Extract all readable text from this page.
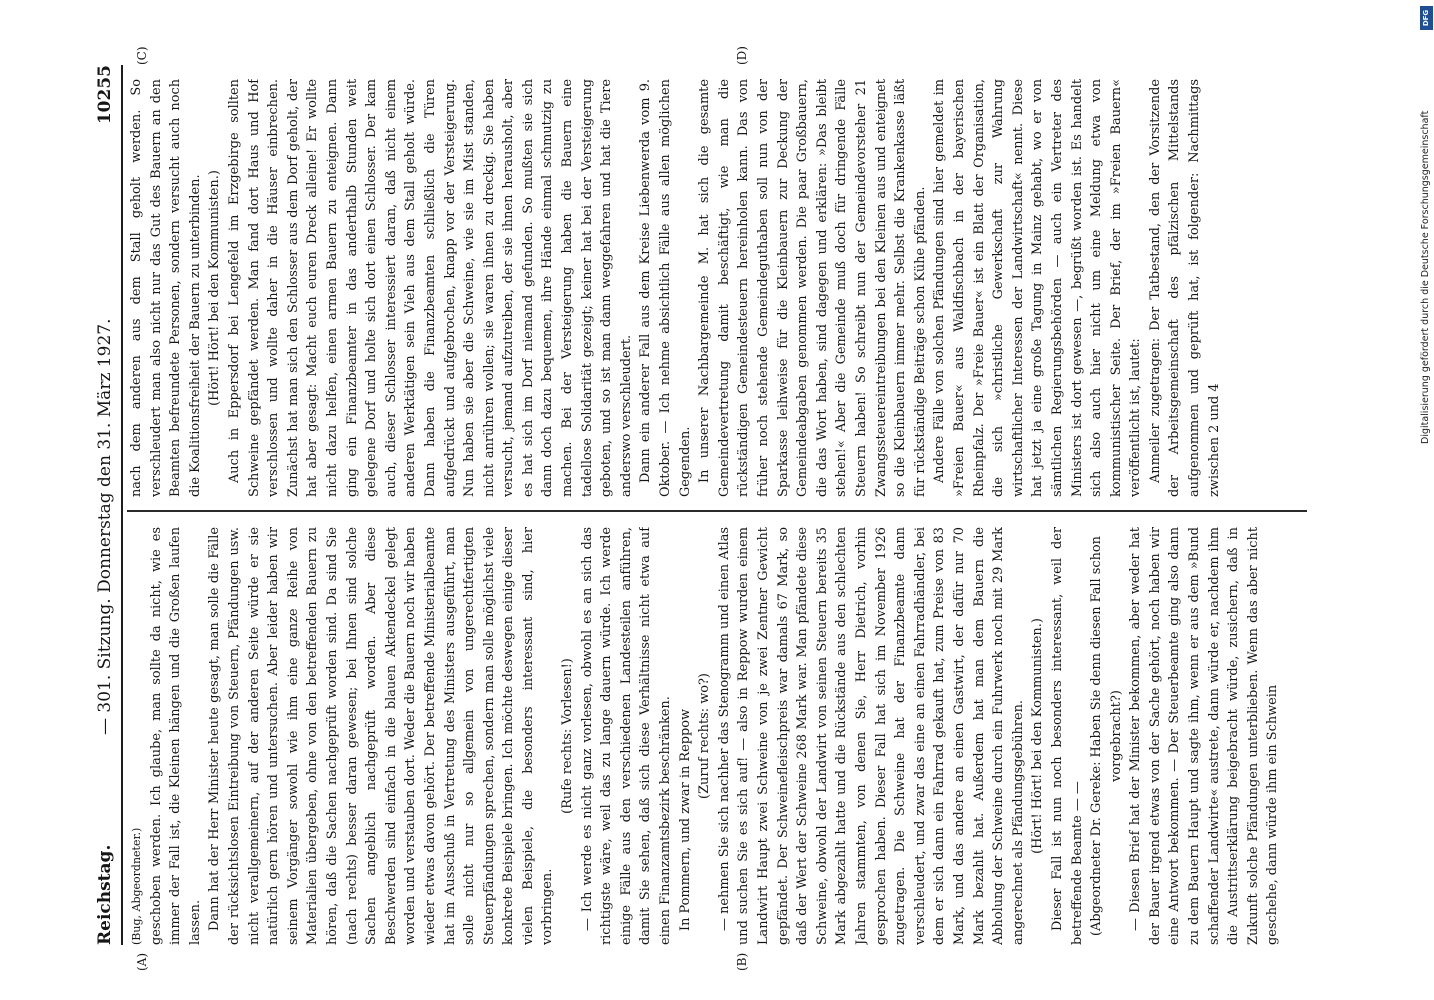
Reichstag.
— 301. Sitzung. Donnerstag den 31. März 1927.
10255

(Bug, Abgeordneter.) geschoben werden. Ich glaube, man sollte da nicht, wie es immer der Fall ist, die Kleinen hängen und die Großen laufen lassen. Dann hat der Herr Minister heute gesagt, man solle die Fälle der rücksichtslosen Eintreibung von Steuern, Pfändungen usw. nicht verallgemeinern, auf der anderen Seite würde er sie natürlich gern hören und untersuchen. Aber leider haben wir seinem Vorgänger sowohl wie ihm eine ganze Reihe von Materialien übergeben, ohne von den betreffenden Bauern zu hören, daß die Sachen nachgeprüft worden sind. Da sind Sie (nach rechts) besser daran gewesen; bei Ihnen sind solche Sachen angeblich nachgeprüft worden. Aber diese Beschwerden sind einfach in die blauen Aktendeckel gelegt worden und verstauben dort. Weder die Bauern noch wir haben wieder etwas davon gehört. Der betreffende Ministerialbeamte hat im Ausschuß in Vertretung des Ministers ausgeführt, man solle nicht nur so allgemein von ungerechtfertigten Steuerpfändungen sprechen, sondern man solle möglichst viele konkrete Beispiele bringen. Ich möchte deswegen einige dieser vielen Beispiele, die besonders interessant sind, hier vorbringen.

(Rufe rechts: Vorlesen!) — Ich werde es nicht ganz vorlesen, obwohl es an sich das richtigste wäre, weil das zu lange dauern würde. Ich werde einige Fälle aus den verschiedenen Landesteilen anführen, damit Sie sehen, daß sich diese Verhältnisse nicht etwa auf einen Finanzamtsbezirk beschränken. In Pommern, und zwar in Reppow (Zuruf rechts: wo?) — nehmen Sie sich nachher das Stenogramm und einen Atlas und suchen Sie es sich auf! — also in Reppow wurden einem Landwirt Haupt zwei Schweine von je zwei Zentner Gewicht gepfändet. Der Schweinefleischpreis war damals 67 Mark, so daß der Wert der Schweine 268 Mark war. Man pfändete diese Schweine, obwohl der Landwirt von seinen Steuern bereits 35 Mark abgezahlt hatte und die Rückstände aus den schlechten Jahren stammten, von denen Sie, Herr Dietrich, vorhin gesprochen haben. Dieser Fall hat sich im November 1926 zugetragen. Die Schweine hat der Finanzbeamte dann verschleudert, und zwar das eine an einen Fahrradhändler, bei dem er sich dann ein Fahrrad gekauft hat, zum Preise von 83 Mark, und das andere an einen Gastwirt, der dafür nur 70 Mark bezahlt hat. Außerdem hat man dem Bauern die Abholung der Schweine durch ein Fuhrwerk noch mit 29 Mark angerechnet als Pfändungsgebühren. (Hört! Hört! bei den Kommunisten.) Dieser Fall ist nun noch besonders interessant, weil der betreffende Beamte — — (Abgeordneter Dr. Gereke: Haben Sie denn diesen Fall schon vorgebracht?) — Diesen Brief hat der Minister bekommen, aber weder hat der Bauer irgend etwas von der Sache gehört, noch haben wir eine Antwort bekommen. — Der Steuerbeamte ging also dann zu dem Bauern Haupt und sagte ihm, wenn er aus dem »Bund schaffender Landwirte« austrete, dann würde er, nachdem ihm die Austrittserklärung beigebracht würde, zusichern, daß in Zukunft solche Pfändungen unterblieben. Wenn das aber nicht geschehe, dann würde ihm ein Schwein

nach dem anderen aus dem Stall geholt werden. So verschleudert man also nicht nur das Gut des Bauern an den Beamten befreundete Personen, sondern versucht auch noch die Koalitionsfreiheit der Bauern zu unterbinden. (Hört! Hört! bei den Kommunisten.) Auch in Eppersdorf bei Lengefeld im Erzgebirge sollten Schweine gepfändet werden. Man fand dort Haus und Hof verschlossen und wollte daher in die Häuser einbrechen. Zunächst hat man sich den Schlosser aus dem Dorf geholt, der hat aber gesagt: Macht euch euren Dreck alleine! Er wollte nicht dazu helfen, einen armen Bauern zu enteignen. Dann ging ein Finanzbeamter in das anderthalb Stunden weit gelegene Dorf und holte sich dort einen Schlosser. Der kam auch, dieser Schlosser interessiert daran, daß nicht einem anderen Werktätigen sein Vieh aus dem Stall geholt würde. Dann haben die Finanzbeamten schließlich die Türen aufgedrückt und aufgebrochen, knapp vor der Versteigerung. Nun haben sie aber die Schweine, wie sie im Mist standen, nicht anrühren wollen; sie waren ihnen zu dreckig. Sie haben versucht, jemand aufzutreiben, der sie ihnen herausholt, aber es hat sich im Dorf niemand gefunden. So mußten sie sich dann doch dazu bequemen, ihre Hände einmal schmutzig zu machen. Bei der Versteigerung haben die Bauern eine tadellose Solidarität gezeigt; keiner hat bei der Versteigerung geboten, und so ist man dann weggefahren und hat die Tiere anderswo verschleudert. Dann ein anderer Fall aus dem Kreise Liebenwerda vom 9. Oktober. — Ich nehme absichtlich Fälle aus allen möglichen Gegenden. In unserer Nachbargemeinde M. hat sich die gesamte Gemeindevertretung damit beschäftigt, wie man die rückständigen Gemeindesteuern hereinholen kann. Das von früher noch stehende Gemeindeguthaben soll nun von der Sparkasse leihweise für die Kleinbauern zur Deckung der Gemeindeabgaben genommen werden. Die paar Großbauern, die das Wort haben, sind dagegen und erklären: »Das bleibt stehen!« Aber die Gemeinde muß doch für dringende Fälle Steuern haben! So schreibt nun der Gemeindevorsteher 21 Zwangssteuereintreibungen bei den Kleinen aus und enteignet so die Kleinbauern immer mehr. Selbst die Krankenkasse läßt für rückständige Beiträge schon Kühe pfänden. Andere Fälle von solchen Pfändungen sind hier gemeldet im »Freien Bauer« aus Waldfischbach in der bayerischen Rheinpfalz. Der »Freie Bauer« ist ein Blatt der Organisation, die sich »christliche Gewerkschaft zur Wahrung wirtschaftlicher Interessen der Landwirtschaft« nennt. Diese hat jetzt ja eine große Tagung in Mainz gehabt, wo er von sämtlichen Regierungsbehörden — auch ein Vertreter des Ministers ist dort gewesen —, begrüßt worden ist. Es handelt sich also auch hier nicht um eine Meldung etwa von kommunistischer Seite. Der Brief, der im »Freien Bauern« veröffentlicht ist, lautet: Anmeiler zugetragen: Der Tatbestand, den der Vorsitzende der Arbeitsgemeinschaft des pfälzischen Mittelstands aufgenommen und geprüft hat, ist folgender: Nachmittags zwischen 2 und 4

(A)	(B)
(C)	(D)
DFG
Digitalisierung gefördert durch die Deutsche Forschungsgemeinschaft
